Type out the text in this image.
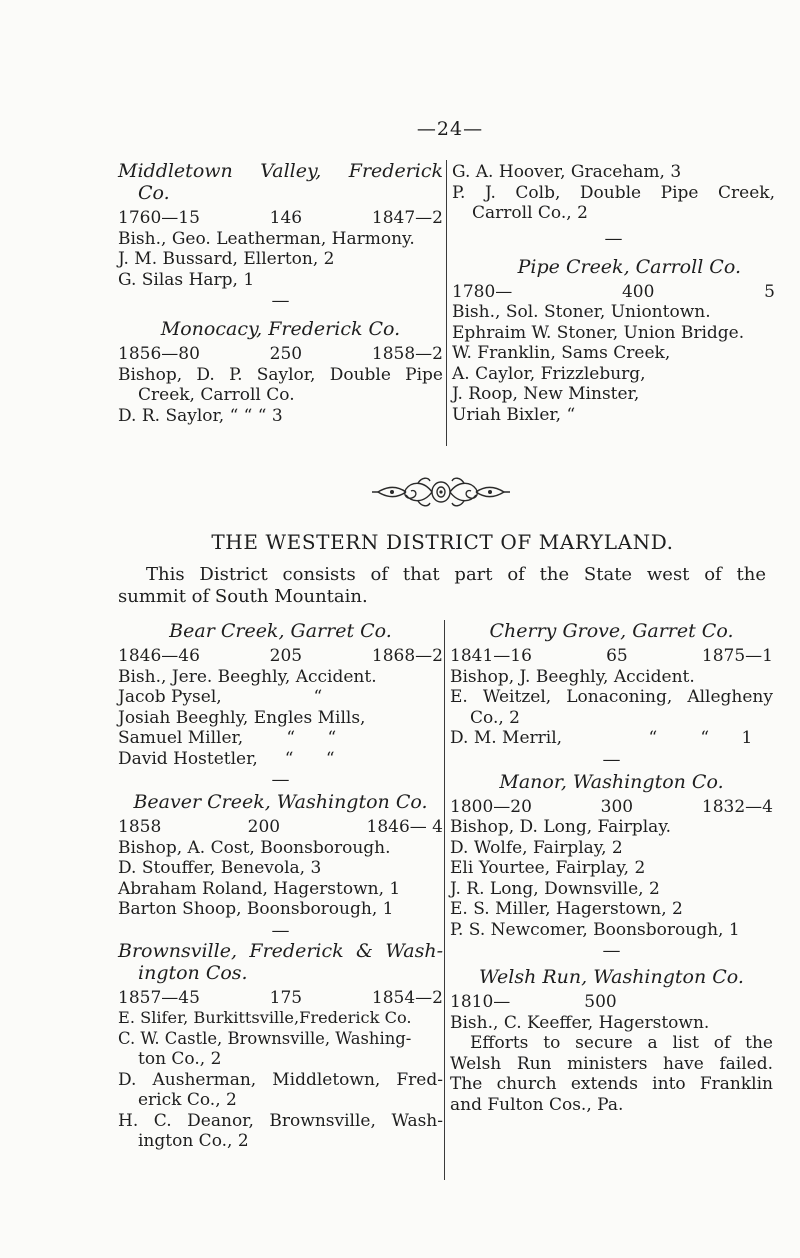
—24—
Middletown Valley, Frederick
Co.
1760—15	146	1847—2
Bish., Geo. Leatherman, Harmony.
J. M. Bussard, Ellerton, 2
G. Silas Harp, 1
—
Monocacy, Frederick Co.
1856—80	250	1858—2
Bishop, D. P. Saylor, Double Pipe
Creek, Carroll Co.
D. R. Saylor, “ “ “ 3
G. A. Hoover, Graceham, 3
P. J. Colb, Double Pipe Creek,
Carroll Co., 2
—
Pipe Creek, Carroll Co.
1780—	400	5
Bish., Sol. Stoner, Uniontown.
Ephraim W. Stoner, Union Bridge.
W. Franklin, Sams Creek,
A. Caylor, Frizzleburg,
J. Roop, New Minster,
Uriah Bixler, “
THE WESTERN DISTRICT OF MARYLAND.
This District consists of that part of the State west of the
summit of South Mountain.
Bear Creek, Garret Co.
1846—46	205	1868—2
Bish., Jere. Beeghly, Accident.
Jacob Pysel,                 “
Josiah Beeghly, Engles Mills,
Samuel Miller,        “      “
David Hostetler,     “      “
—
Beaver Creek, Washington Co.
1858	200	1846— 4
Bishop, A. Cost, Boonsborough.
D. Stouffer, Benevola, 3
Abraham Roland, Hagerstown, 1
Barton Shoop, Boonsborough, 1
—
Brownsville, Frederick & Wash-
ington Cos.
1857—45	175	1854—2
E. Slifer, Burkittsville,Frederick Co.
C. W. Castle, Brownsville, Washing-
ton Co., 2
D. Ausherman, Middletown, Fred-
erick Co., 2
H. C. Deanor, Brownsville, Wash-
ington Co., 2
Cherry Grove, Garret Co.
1841—16	65	1875—1
Bishop, J. Beeghly, Accident.
E. Weitzel, Lonaconing, Allegheny
Co., 2
D. M. Merril,                “        “      1
—
Manor, Washington Co.
1800—20	300	1832—4
Bishop, D. Long, Fairplay.
D. Wolfe, Fairplay, 2
Eli Yourtee, Fairplay, 2
J. R. Long, Downsville, 2
E. S. Miller, Hagerstown, 2
P. S. Newcomer, Boonsborough, 1
—
Welsh Run, Washington Co.
1810—	500
Bish., C. Keeffer, Hagerstown.
Efforts to secure a list of the
Welsh Run ministers have failed.
The church extends into Franklin
and Fulton Cos., Pa.
